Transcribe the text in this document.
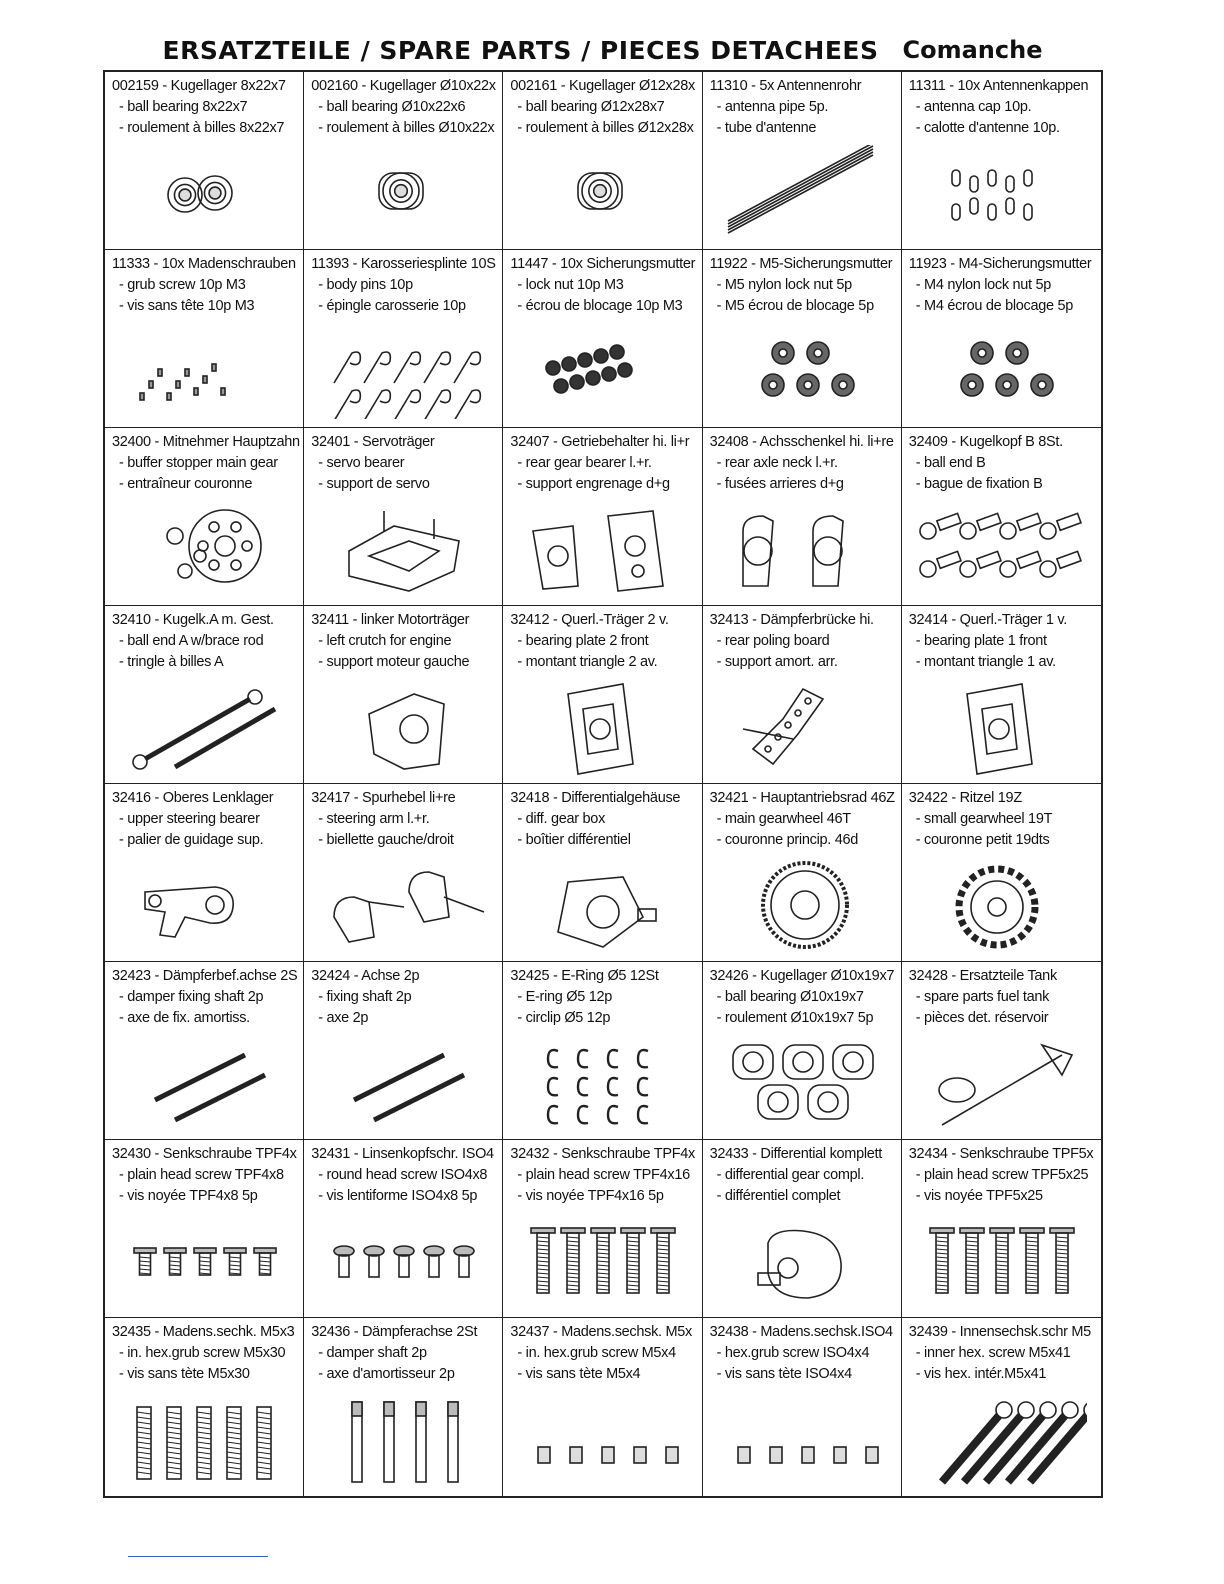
ERSATZTEILE / SPARE PARTS / PIECES DETACHEES Comanche
002159 - Kugellager 8x22x7
- ball bearing 8x22x7
- roulement à billes 8x22x7
002160 - Kugellager Ø10x22x
- ball bearing Ø10x22x6
- roulement à billes Ø10x22x
002161 - Kugellager Ø12x28x
- ball bearing Ø12x28x7
- roulement à billes Ø12x28x
11310 - 5x Antennenrohr
- antenna pipe 5p.
- tube d'antenne
11311 - 10x Antennenkappen
- antenna cap 10p.
- calotte d'antenne 10p.
11333 - 10x Madenschrauben
- grub screw 10p M3
- vis sans tête 10p M3
11393 - Karosseriesplinte 10S
- body pins 10p
- épingle carosserie 10p
11447 - 10x Sicherungsmutter
- lock nut 10p M3
- écrou de blocage 10p M3
11922 - M5-Sicherungsmutter
- M5 nylon lock nut 5p
- M5 écrou de blocage 5p
11923 - M4-Sicherungsmutter
- M4 nylon lock nut 5p
- M4 écrou de blocage 5p
32400 - Mitnehmer Hauptzahn
- buffer stopper main gear
- entraîneur couronne
32401 - Servoträger
- servo bearer
- support de servo
32407 - Getriebehalter hi. li+r
- rear gear bearer l.+r.
- support engrenage d+g
32408 - Achsschenkel hi. li+re
- rear axle neck l.+r.
- fusées arrieres d+g
32409 - Kugelkopf B 8St.
- ball end B
- bague de fixation B
32410 - Kugelk.A m. Gest.
- ball end A w/brace rod
- tringle à billes A
32411 - linker Motorträger
- left crutch for engine
- support moteur gauche
32412 - Querl.-Träger 2 v.
- bearing plate 2 front
- montant triangle 2 av.
32413 - Dämpferbrücke hi.
- rear poling board
- support amort. arr.
32414 - Querl.-Träger 1 v.
- bearing plate 1 front
- montant triangle 1 av.
32416 - Oberes Lenklager
- upper steering bearer
- palier de guidage sup.
32417 - Spurhebel li+re
- steering arm l.+r.
- biellette gauche/droit
32418 - Differentialgehäuse
- diff. gear box
- boîtier différentiel
32421 - Hauptantriebsrad 46Z
- main gearwheel 46T
- couronne princip. 46d
32422 - Ritzel 19Z
- small gearwheel 19T
- couronne petit 19dts
32423 - Dämpferbef.achse 2S
- damper fixing shaft 2p
- axe de fix. amortiss.
32424 - Achse 2p
- fixing shaft 2p
- axe 2p
32425 - E-Ring Ø5 12St
- E-ring Ø5 12p
- circlip Ø5 12p
32426 - Kugellager Ø10x19x7
- ball bearing Ø10x19x7
- roulement Ø10x19x7 5p
32428 - Ersatzteile Tank
- spare parts fuel tank
- pièces det. réservoir
32430 - Senkschraube TPF4x
- plain head screw TPF4x8
- vis noyée TPF4x8 5p
32431 - Linsenkopfschr. ISO4
- round head screw ISO4x8
- vis lentiforme ISO4x8 5p
32432 - Senkschraube TPF4x
- plain head screw TPF4x16
- vis noyée TPF4x16 5p
32433 - Differential komplett
- differential gear compl.
- différentiel complet
32434 - Senkschraube TPF5x
- plain head screw TPF5x25
- vis noyée TPF5x25
32435 - Madens.sechk. M5x3
- in. hex.grub screw M5x30
- vis sans tète M5x30
32436 - Dämpferachse 2St
- damper shaft 2p
- axe d'amortisseur 2p
32437 - Madens.sechsk. M5x
- in. hex.grub screw M5x4
- vis sans tète M5x4
32438 - Madens.sechsk.ISO4
- hex.grub screw ISO4x4
- vis sans tète ISO4x4
32439 - Innensechsk.schr M5
- inner hex. screw M5x41
- vis hex. intér.M5x41
